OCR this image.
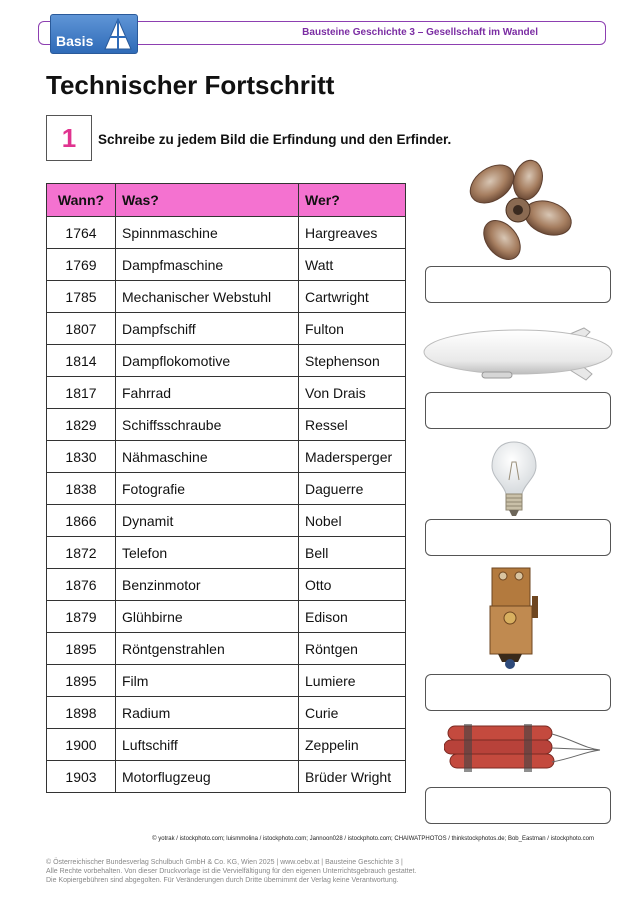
Bausteine Geschichte 3 – Gesellschaft im Wandel
Basis
Technischer Fortschritt
1	Schreibe zu jedem Bild die Erfindung und den Erfinder.
Wann?	Was?	Wer?
1764	Spinnmaschine	Hargreaves
1769	Dampfmaschine	Watt
1785	Mechanischer Webstuhl	Cartwright
1807	Dampfschiff	Fulton
1814	Dampflokomotive	Stephenson
1817	Fahrrad	Von Drais
1829	Schiffsschraube	Ressel
1830	Nähmaschine	Madersperger
1838	Fotografie	Daguerre
1866	Dynamit	Nobel
1872	Telefon	Bell
1876	Benzinmotor	Otto
1879	Glühbirne	Edison
1895	Röntgenstrahlen	Röntgen
1895	Film	Lumiere
1898	Radium	Curie
1900	Luftschiff	Zeppelin
1903	Motorflugzeug	Brüder Wright
© yotrak / istockphoto.com; luismmolina / istockphoto.com; Jannoon028 / istockphoto.com; CHAIWATPHOTOS / thinkstockphotos.de; Bob_Eastman / istockphoto.com
© Österreichischer Bundesverlag Schulbuch GmbH & Co. KG, Wien 2025 | www.oebv.at | Bausteine Geschichte 3 |
Alle Rechte vorbehalten. Von dieser Druckvorlage ist die Vervielfältigung für den eigenen Unterrichtsgebrauch gestattet.
Die Kopiergebühren sind abgegolten. Für Veränderungen durch Dritte übernimmt der Verlag keine Verantwortung.
